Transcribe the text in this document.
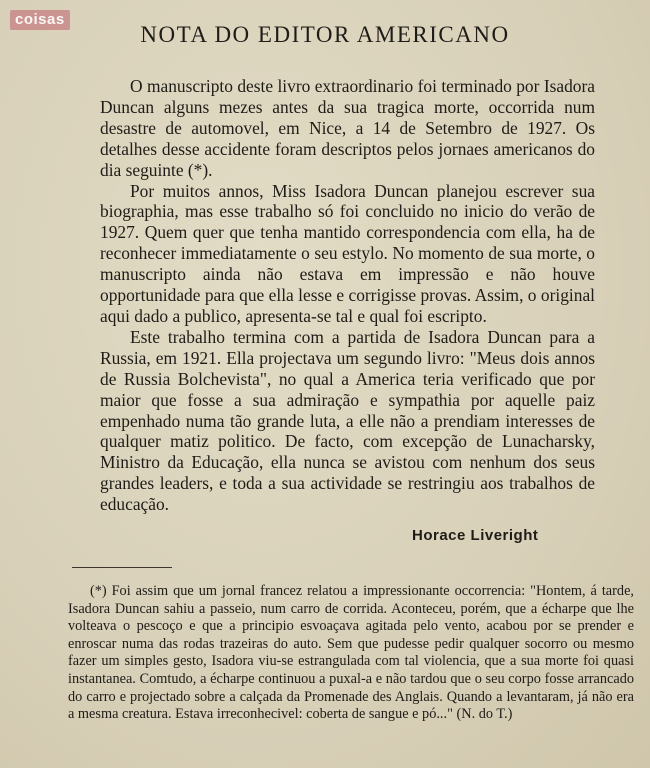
coisas
NOTA DO EDITOR AMERICANO

O manuscripto deste livro extraordinario foi terminado por Isadora Duncan alguns mezes antes da sua tragica morte, occorrida num desastre de automovel, em Nice, a 14 de Setembro de 1927. Os detalhes desse accidente foram descriptos pelos jornaes americanos do dia seguinte (*).

Por muitos annos, Miss Isadora Duncan planejou escrever sua biographia, mas esse trabalho só foi concluido no inicio do verão de 1927. Quem quer que tenha mantido correspondencia com ella, ha de reconhecer immediatamente o seu estylo. No momento de sua morte, o manuscripto ainda não estava em impressão e não houve opportunidade para que ella lesse e corrigisse provas. Assim, o original aqui dado a publico, apresenta-se tal e qual foi escripto.

Este trabalho termina com a partida de Isadora Duncan para a Russia, em 1921. Ella projectava um segundo livro: "Meus dois annos de Russia Bolchevista", no qual a America teria verificado que por maior que fosse a sua admiração e sympathia por aquelle paiz empenhado numa tão grande luta, a elle não a prendiam interesses de qualquer matiz politico. De facto, com excepção de Lunacharsky, Ministro da Educação, ella nunca se avistou com nenhum dos seus grandes leaders, e toda a sua actividade se restringiu aos trabalhos de educação.

Horace Liveright

(*) Foi assim que um jornal francez relatou a impressionante occorrencia: "Hontem, á tarde, Isadora Duncan sahiu a passeio, num carro de corrida. Aconteceu, porém, que a écharpe que lhe volteava o pescoço e que a principio esvoaçava agitada pelo vento, acabou por se prender e enroscar numa das rodas trazeiras do auto. Sem que pudesse pedir qualquer socorro ou mesmo fazer um simples gesto, Isadora viu-se estrangulada com tal violencia, que a sua morte foi quasi instantanea. Comtudo, a écharpe continuou a puxal-a e não tardou que o seu corpo fosse arrancado do carro e projectado sobre a calçada da Promenade des Anglais. Quando a levantaram, já não era a mesma creatura. Estava irreconhecivel: coberta de sangue e pó..." (N. do T.)
